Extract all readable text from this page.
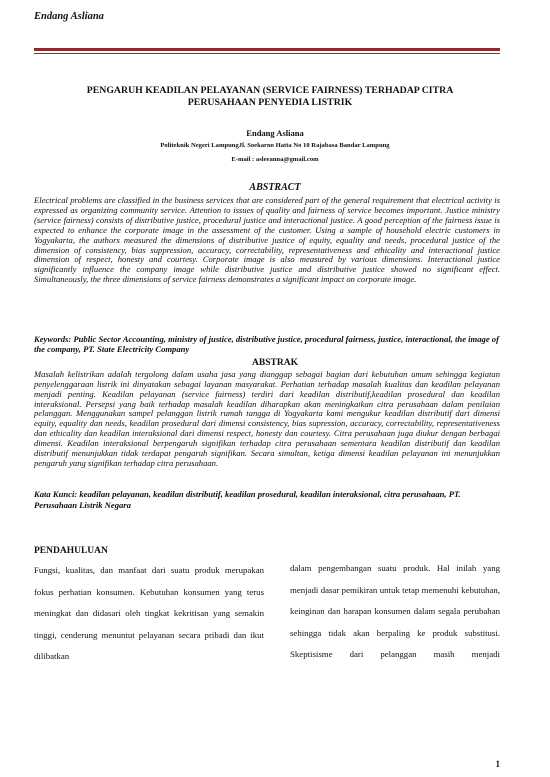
Endang Asliana
PENGARUH KEADILAN PELAYANAN (SERVICE FAIRNESS) TERHADAP CITRA PERUSAHAAN PENYEDIA LISTRIK
Endang Asliana
Politeknik Negeri LampungJl. Soekarno Hatta No 10 Rajabasa Bandar Lampung
E-mail : asleeanna@gmail.com
ABSTRACT

Electrical problems are classified in the business services that are considered part of the general requirement that electrical activity is expressed as organizing community service. Attention to issues of quality and fairness of service becomes important. Justice ministry (service fairness) consists of distributive justice, procedural justice and interactional justice. A good perception of the fairness issue is expected to enhance the corporate image in the assessment of the customer. Using a sample of household electric customers in Yogyakarta, the authors measured the dimensions of distributive justice of equity, equality and needs, procedural justice of the dimension of consistency, bias suppression, accuracy, correctability, representativeness and ethicality and interactional justice dimension of respect, honesty and courtesy. Corporate image is also measured by various dimensions. Interactional justice significantly influence the company image while distributive justice and distributive justice showed no significant effect. Simultaneously, the three dimensions of service fairness demonstrates a significant impact on corporate image.

Keywords: Public Sector Accounting, ministry of justice, distributive justice, procedural fairness, justice, interactional, the image of the company, PT. State Electricity Company

ABSTRAK

Masalah kelistrikan adalah tergolong dalam usaha jasa yang dianggap sebagai bagian dari kebutuhan umum sehingga kegiatan penyelenggaraan listrik ini dinyatakan sebagai layanan masyarakat. Perhatian terhadap masalah kualitas dan keadilan pelayanan menjadi penting. Keadilan pelayanan (service fairness) terdiri dari keadilan distributif,keadilan prosedural dan keadilan interaksional. Persepsi yang baik terhadap masalah keadilan diharapkan akan meningkatkan citra perusahaan dalam penilaian pelanggan. Menggunakan sampel pelanggan listrik rumah tangga di Yogyakarta kami mengukur keadilan distributif dari dimensi equity, equality dan needs, keadilan prosedural dari dimensi consistency, bias supression, accuracy, correctability, representativeness dan ethicality dan keadilan interaksional dari dimensi respect, honesty dan courtesy. Citra perusahaan juga diukur dengan berbagai dimensi. Keadilan interaksional berpengaruh signifikan terhadap citra perusahaan sementara keadilan distributif dan keadilan distributif menunjukkan tidak terdapat pengaruh signifikan. Secara simultan, ketiga dimensi keadilan pelayanan ini menunjukkan pengaruh yang signifikan terhadap citra perusahaan.

Kata Kunci: keadilan pelayanan, keadilan distributif, keadilan prosedural, keadilan interaksional, citra perusahaan, PT. Perusahaan Listrik Negara

PENDAHULUAN

Fungsi, kualitas, dan manfaat dari suatu produk merupakan fokus perhatian konsumen. Kebutuhan konsumen yang terus meningkat dan didasari oleh tingkat kekritisan yang semakin tinggi, cenderung menuntut pelayanan secara pribadi dan ikut dilibatkan

dalam pengembangan suatu produk. Hal inilah yang menjadi dasar pemikiran untuk tetap memenuhi kebutuhan, keinginan dan harapan konsumen dalam segala perubahan sehingga tidak akan berpaling ke produk substitusi. Skeptisisme dari pelanggan masih menjadi

1
